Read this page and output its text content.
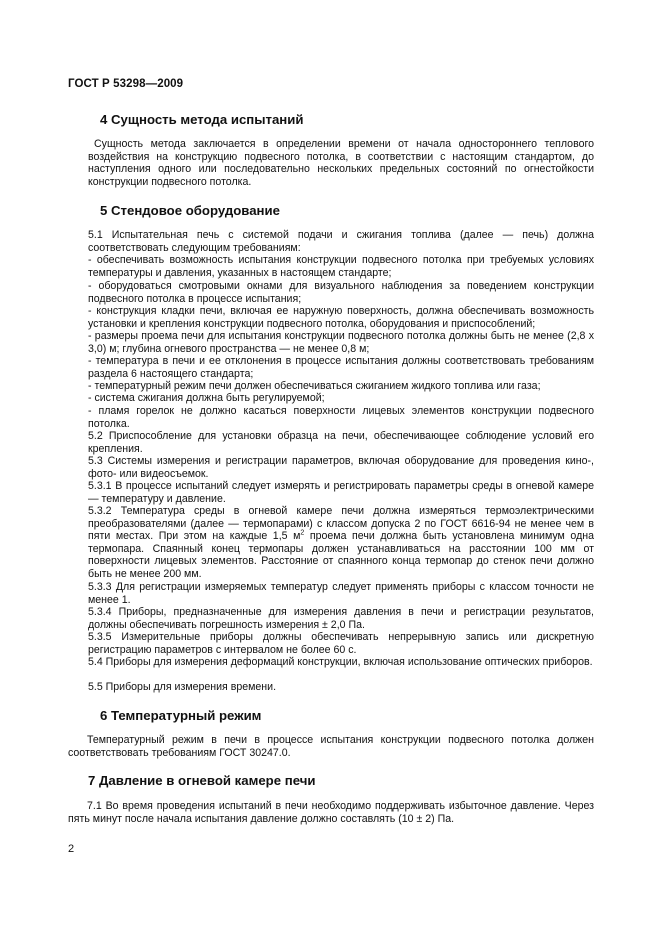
ГОСТ Р 53298—2009
4 Сущность метода испытаний

Сущность метода заключается в определении времени от начала одностороннего теплового воздействия на конструкцию подвесного потолка, в соответствии с настоящим стандартом, до наступления одного или последовательно нескольких предельных состояний по огнестойкости конструкции подвесного потолка.

5 Стендовое оборудование

5.1 Испытательная печь с системой подачи и сжигания топлива (далее — печь) должна соответствовать следующим требованиям:

- обеспечивать возможность испытания конструкции подвесного потолка при требуемых условиях температуры и давления, указанных в настоящем стандарте;

- оборудоваться смотровыми окнами для визуального наблюдения за поведением конструкции подвесного потолка в процессе испытания;

- конструкция кладки печи, включая ее наружную поверхность, должна обеспечивать возможность установки и крепления конструкции подвесного потолка, оборудования и приспособлений;

- размеры проема печи для испытания конструкции подвесного потолка должны быть не менее (2,8 х 3,0) м; глубина огневого пространства — не менее 0,8 м;

- температура в печи и ее отклонения в процессе испытания должны соответствовать требованиям раздела 6 настоящего стандарта;

- температурный режим печи должен обеспечиваться сжиганием жидкого топлива или газа;

- система сжигания должна быть регулируемой;

- пламя горелок не должно касаться поверхности лицевых элементов конструкции подвесного потолка.

5.2 Приспособление для установки образца на печи, обеспечивающее соблюдение условий его крепления.

5.3 Системы измерения и регистрации параметров, включая оборудование для проведения кино-, фото- или видеосъемок.

5.3.1 В процессе испытаний следует измерять и регистрировать параметры среды в огневой камере — температуру и давление.

5.3.2 Температура среды в огневой камере печи должна измеряться термоэлектрическими преобразователями (далее — термопарами) с классом допуска 2 по ГОСТ 6616-94 не менее чем в пяти местах. При этом на каждые 1,5 $м^2$ проема печи должна быть установлена минимум одна термопара. Спаянный конец термопары должен устанавливаться на расстоянии 100 мм от поверхности лицевых элементов. Расстояние от спаянного конца термопар до стенок печи должно быть не менее 200 мм.

5.3.3 Для регистрации измеряемых температур следует применять приборы с классом точности не менее 1.

5.3.4 Приборы, предназначенные для измерения давления в печи и регистрации результатов, должны обеспечивать погрешность измерения ± 2,0 Па.

5.3.5 Измерительные приборы должны обеспечивать непрерывную запись или дискретную регистрацию параметров с интервалом не более 60 с.

5.4 Приборы для измерения деформаций конструкции, включая использование оптических приборов.

5.5 Приборы для измерения времени.

6 Температурный режим

Температурный режим в печи в процессе испытания конструкции подвесного потолка должен соответствовать требованиям ГОСТ 30247.0.

7 Давление в огневой камере печи

7.1 Во время проведения испытаний в печи необходимо поддерживать избыточное давление. Через пять минут после начала испытания давление должно составлять (10 ± 2) Па.

2
